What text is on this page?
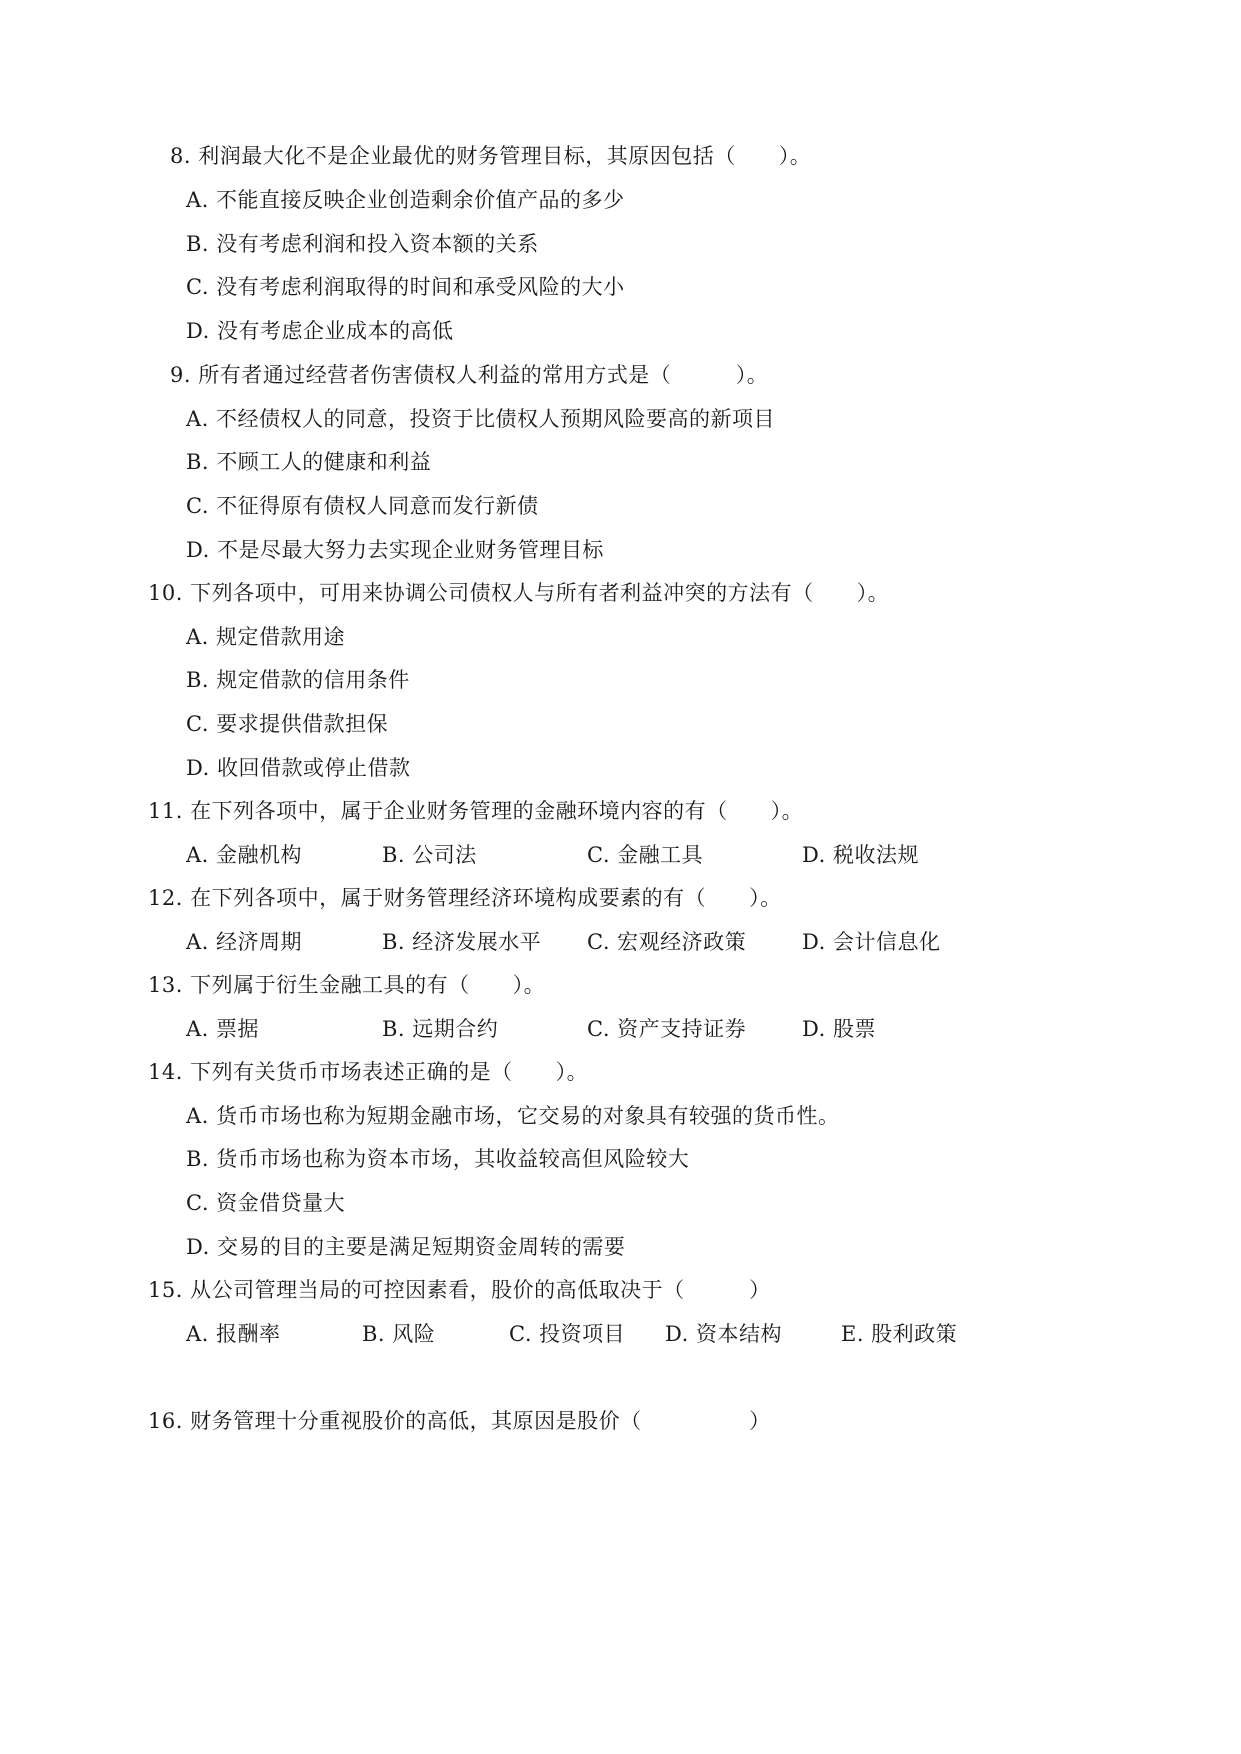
8. 利润最大化不是企业最优的财务管理目标，其原因包括（　　）。
A. 不能直接反映企业创造剩余价值产品的多少
B. 没有考虑利润和投入资本额的关系
C. 没有考虑利润取得的时间和承受风险的大小
D. 没有考虑企业成本的高低
9. 所有者通过经营者伤害债权人利益的常用方式是（　　　）。
A. 不经债权人的同意，投资于比债权人预期风险要高的新项目
B. 不顾工人的健康和利益
C. 不征得原有债权人同意而发行新债
D. 不是尽最大努力去实现企业财务管理目标
10. 下列各项中，可用来协调公司债权人与所有者利益冲突的方法有（　　）。
A. 规定借款用途
B. 规定借款的信用条件
C. 要求提供借款担保
D. 收回借款或停止借款
11. 在下列各项中，属于企业财务管理的金融环境内容的有（　　）。
A. 金融机构	B. 公司法	C. 金融工具	D. 税收法规
12. 在下列各项中，属于财务管理经济环境构成要素的有（　　）。
A. 经济周期	B. 经济发展水平 C. 宏观经济政策	D. 会计信息化
13. 下列属于衍生金融工具的有（　　）。
A. 票据	B. 远期合约	C. 资产支持证券	D. 股票
14. 下列有关货币市场表述正确的是（　　）。
A. 货币市场也称为短期金融市场，它交易的对象具有较强的货币性。
B. 货币市场也称为资本市场，其收益较高但风险较大
C. 资金借贷量大
D. 交易的目的主要是满足短期资金周转的需要
15. 从公司管理当局的可控因素看，股价的高低取决于（　　　）
A. 报酬率	B. 风险	C. 投资项目 D. 资本结构	E. 股利政策
16. 财务管理十分重视股价的高低，其原因是股价（　　　　　）
